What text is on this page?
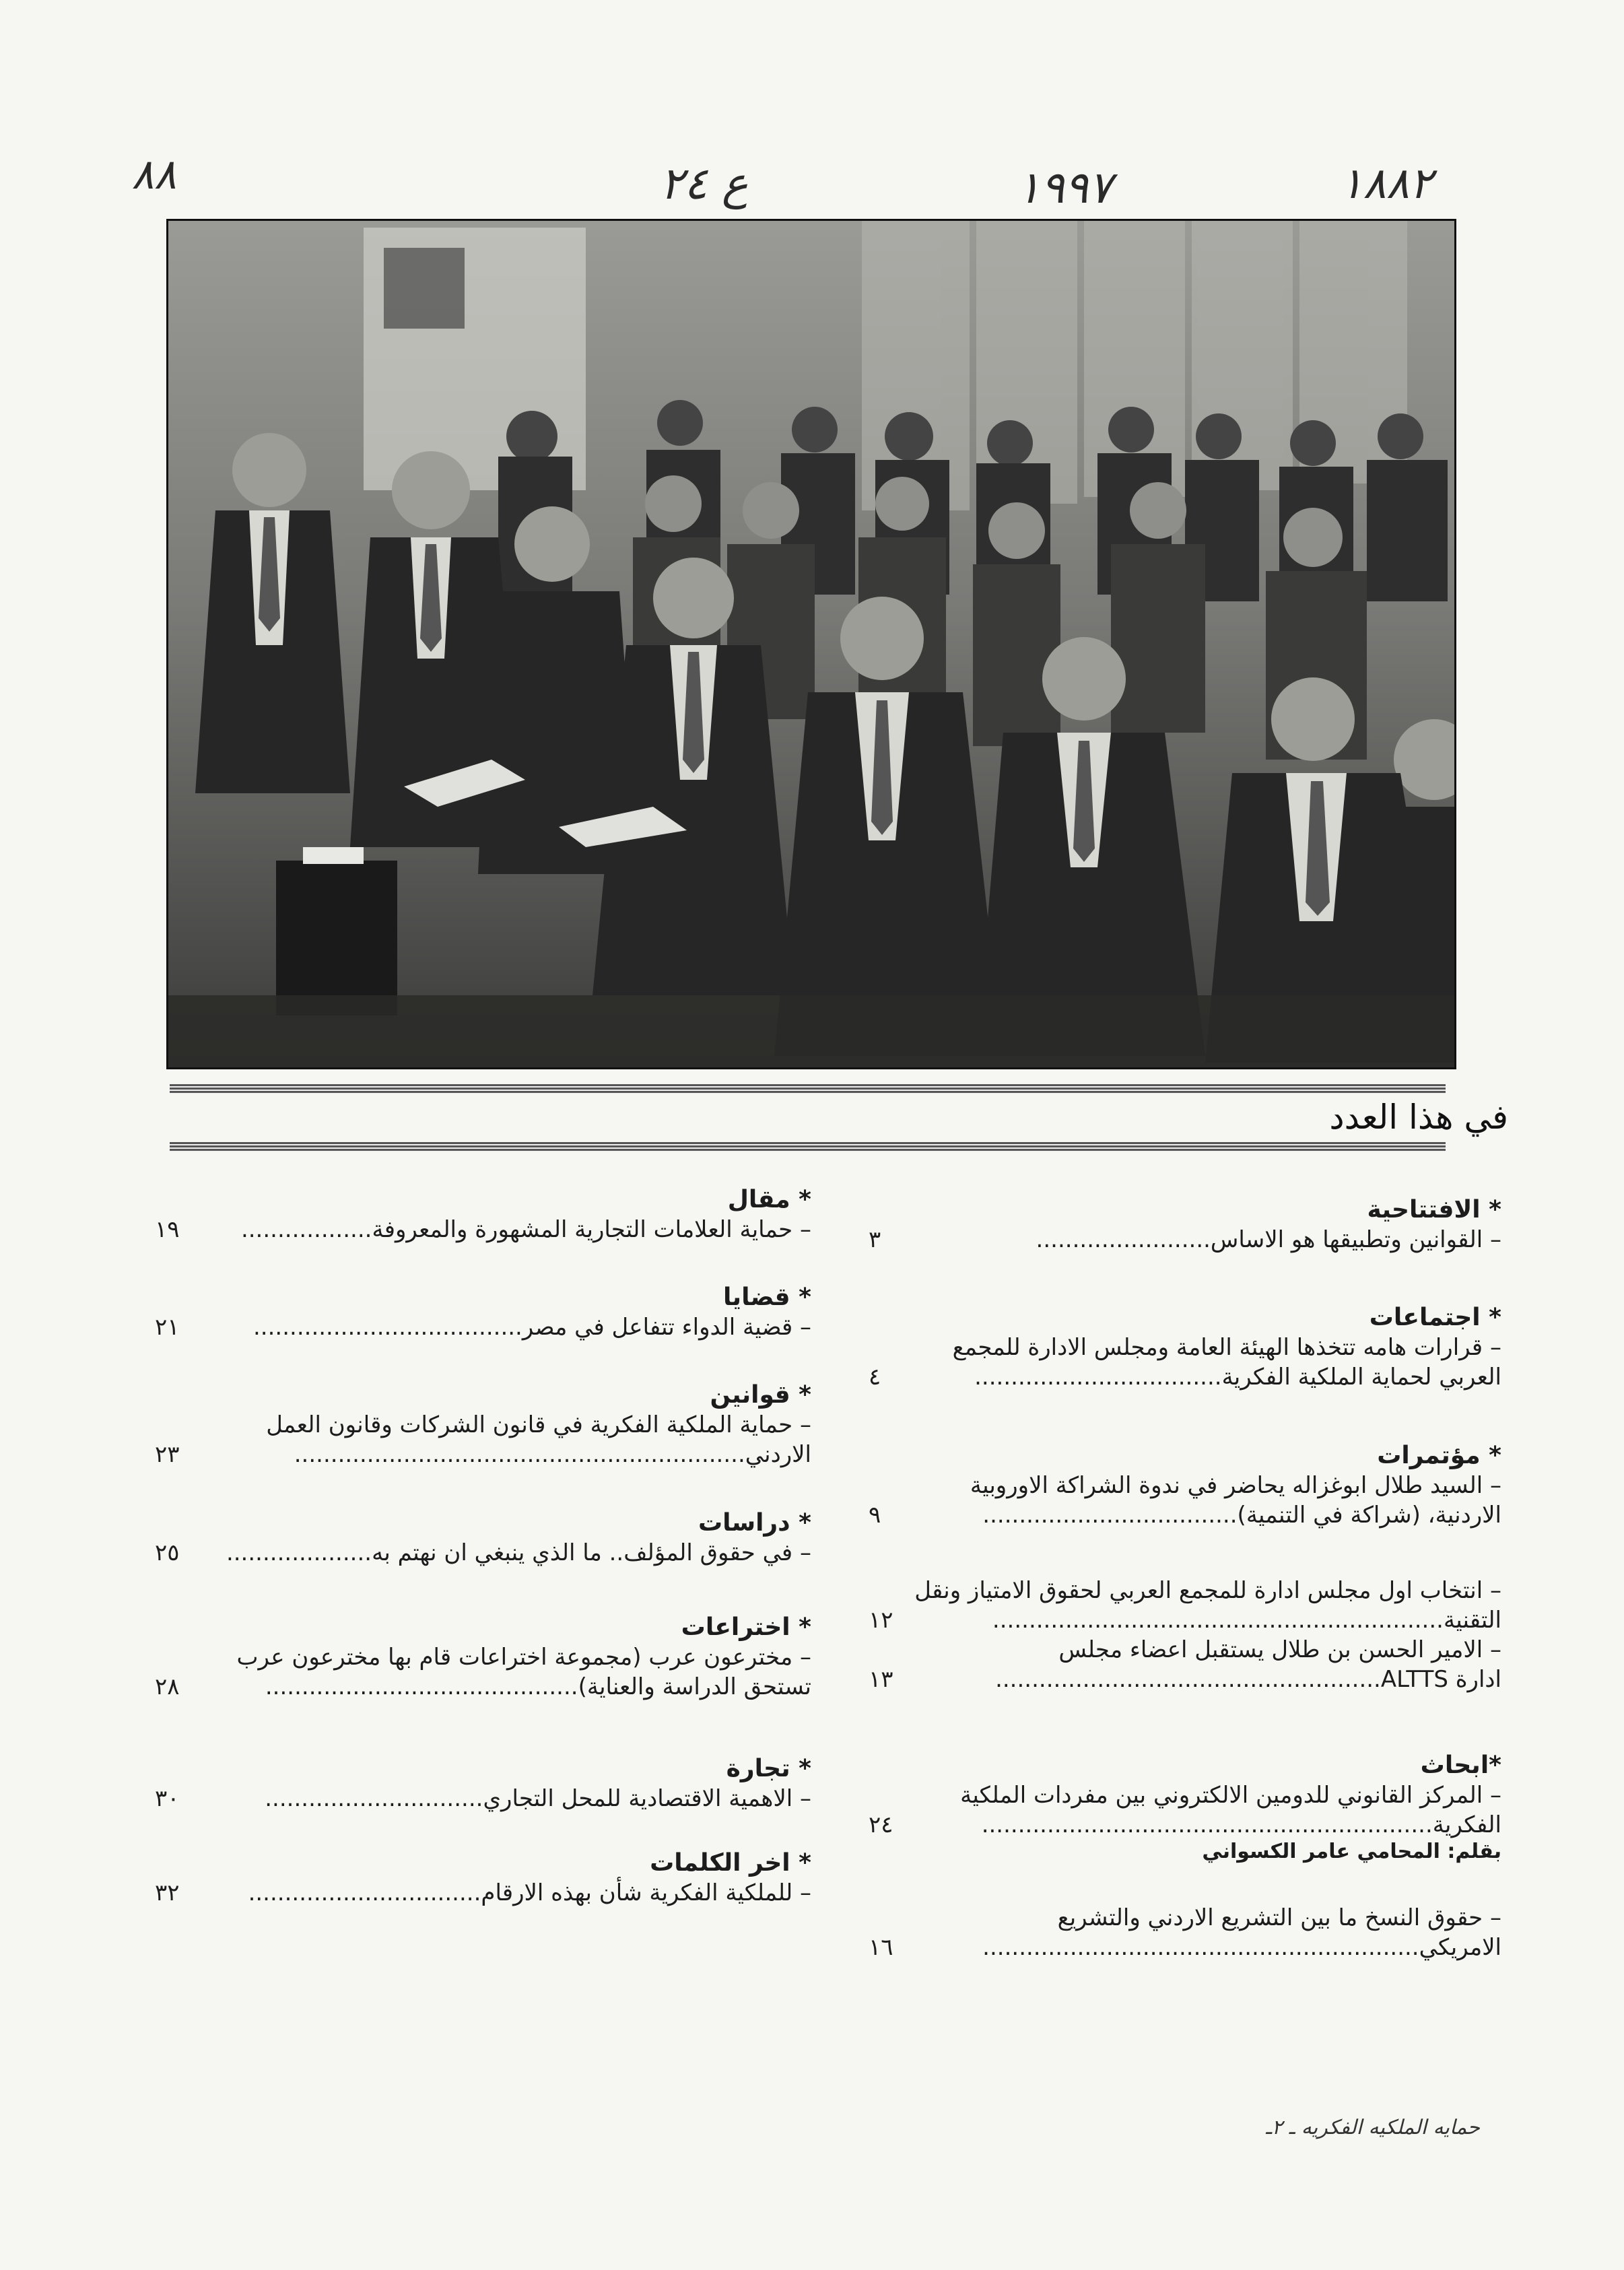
٨٨	ع ٢٤	١٩٩٧	١٨٨٢
في هذا العدد
* الافتتاحية
٣	– القوانين وتطبيقها هو الاساس........................
* اجتماعات
– قرارات هامه تتخذها الهيئة العامة ومجلس الادارة للمجمع
٤	العربي لحماية الملكية الفكرية..................................
* مؤتمرات
– السيد طلال ابوغزاله يحاضر في ندوة الشراكة الاوروبية
٩	الاردنية، (شراكة في التنمية)...................................
– انتخاب اول مجلس ادارة للمجمع العربي لحقوق الامتياز ونقل
١٢	التقنية..............................................................
– الامير الحسن بن طلال يستقبل اعضاء مجلس
١٣	ادارة ALTTS.....................................................
*ابحاث
– المركز القانوني للدومين الالكتروني بين مفردات الملكية
٢٤	الفكرية..............................................................
بقلم: المحامي عامر الكسواني
– حقوق النسخ ما بين التشريع الاردني والتشريع
١٦	الامريكي............................................................
* مقال
١٩	– حماية العلامات التجارية المشهورة والمعروفة..................
* قضايا
٢١	– قضية الدواء تتفاعل في مصر.....................................
* قوانين
– حماية الملكية الفكرية في قانون الشركات وقانون العمل
٢٣	الاردني..............................................................
* دراسات
٢٥ – في حقوق المؤلف.. ما الذي ينبغي ان نهتم به....................
* اختراعات
– مخترعون عرب (مجموعة اختراعات قام بها مخترعون عرب
٢٨	تستحق الدراسة والعناية)...........................................
* تجارة
٣٠	– الاهمية الاقتصادية للمحل التجاري..............................
* اخر الكلمات
٣٢	– للملكية الفكرية شأن بهذه الارقام................................
حمايه الملكيه الفكريه ـ ٢ـ
